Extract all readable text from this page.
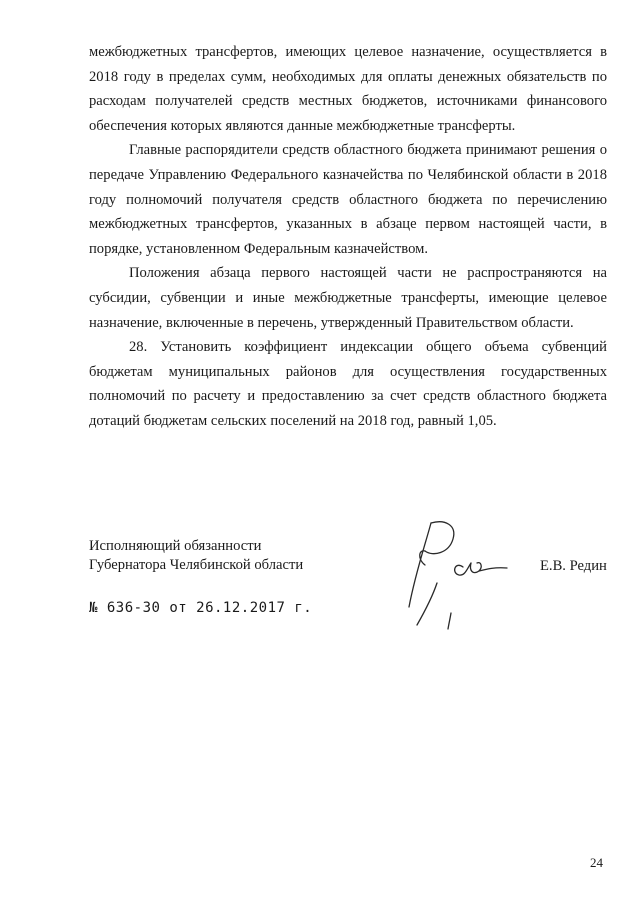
межбюджетных трансфертов, имеющих целевое назначение, осуществляется в 2018 году в пределах сумм, необходимых для оплаты денежных обязательств по расходам получателей средств местных бюджетов, источниками финансового обеспечения которых являются данные межбюджетные трансферты.

Главные распорядители средств областного бюджета принимают решения о передаче Управлению Федерального казначейства по Челябинской области в 2018 году полномочий получателя средств областного бюджета по перечислению межбюджетных трансфертов, указанных в абзаце первом настоящей части, в порядке, установленном Федеральным казначейством.

Положения абзаца первого настоящей части не распространяются на субсидии, субвенции и иные межбюджетные трансферты, имеющие целевое назначение, включенные в перечень, утвержденный Правительством области.

28. Установить коэффициент индексации общего объема субвенций бюджетам муниципальных районов для осуществления государственных полномочий по расчету и предоставлению за счет средств областного бюджета дотаций бюджетам сельских поселений на 2018 год, равный 1,05.

Исполняющий обязанности
Губернатора Челябинской области	Е.В. Редин
№ 636-30 от 26.12.2017 г.
24
